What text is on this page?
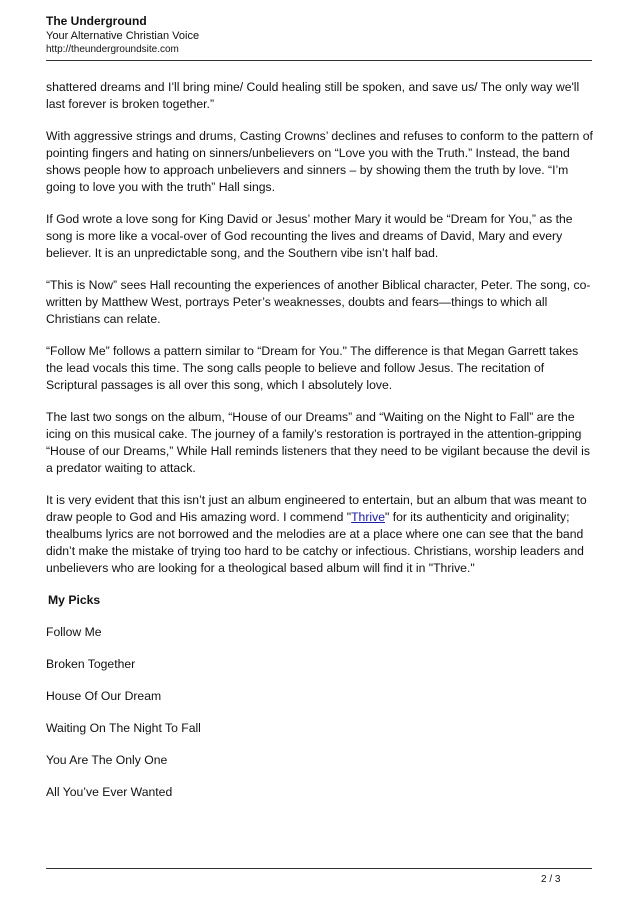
The Underground
Your Alternative Christian Voice
http://theundergroundsite.com

shattered dreams and I’ll bring mine/ Could healing still be spoken, and save us/ The only way we'll last forever is broken together.”

With aggressive strings and drums, Casting Crowns’ declines and refuses to conform to the pattern of pointing fingers and hating on sinners/unbelievers on “Love you with the Truth.” Instead, the band shows people how to approach unbelievers and sinners – by showing them the truth by love. “I’m going to love you with the truth” Hall sings.

If God wrote a love song for King David or Jesus’ mother Mary it would be “Dream for You,” as the song is more like a vocal-over of God recounting the lives and dreams of David, Mary and every believer. It is an unpredictable song, and the Southern vibe isn’t half bad.

“This is Now” sees Hall recounting the experiences of another Biblical character, Peter. The song, co-written by Matthew West, portrays Peter’s weaknesses, doubts and fears—things to which all Christians can relate.

“Follow Me” follows a pattern similar to “Dream for You." The difference is that Megan Garrett takes the lead vocals this time. The song calls people to believe and follow Jesus. The recitation of Scriptural passages is all over this song, which I absolutely love.

The last two songs on the album, “House of our Dreams” and “Waiting on the Night to Fall” are the icing on this musical cake. The journey of a family’s restoration is portrayed in the attention-gripping “House of our Dreams,” While Hall reminds listeners that they need to be vigilant because the devil is a predator waiting to attack.

It is very evident that this isn’t just an album engineered to entertain, but an album that was meant to draw people to God and His amazing word. I commend "Thrive" for its authenticity and originality; thealbums lyrics are not borrowed and the melodies are at a place where one can see that the band didn’t make the mistake of trying too hard to be catchy or infectious. Christians, worship leaders and unbelievers who are looking for a theological based album will find it in "Thrive."

My Picks

Follow Me

Broken Together

House Of Our Dream

Waiting On The Night To Fall

You Are The Only One

All You’ve Ever Wanted

2 / 3
